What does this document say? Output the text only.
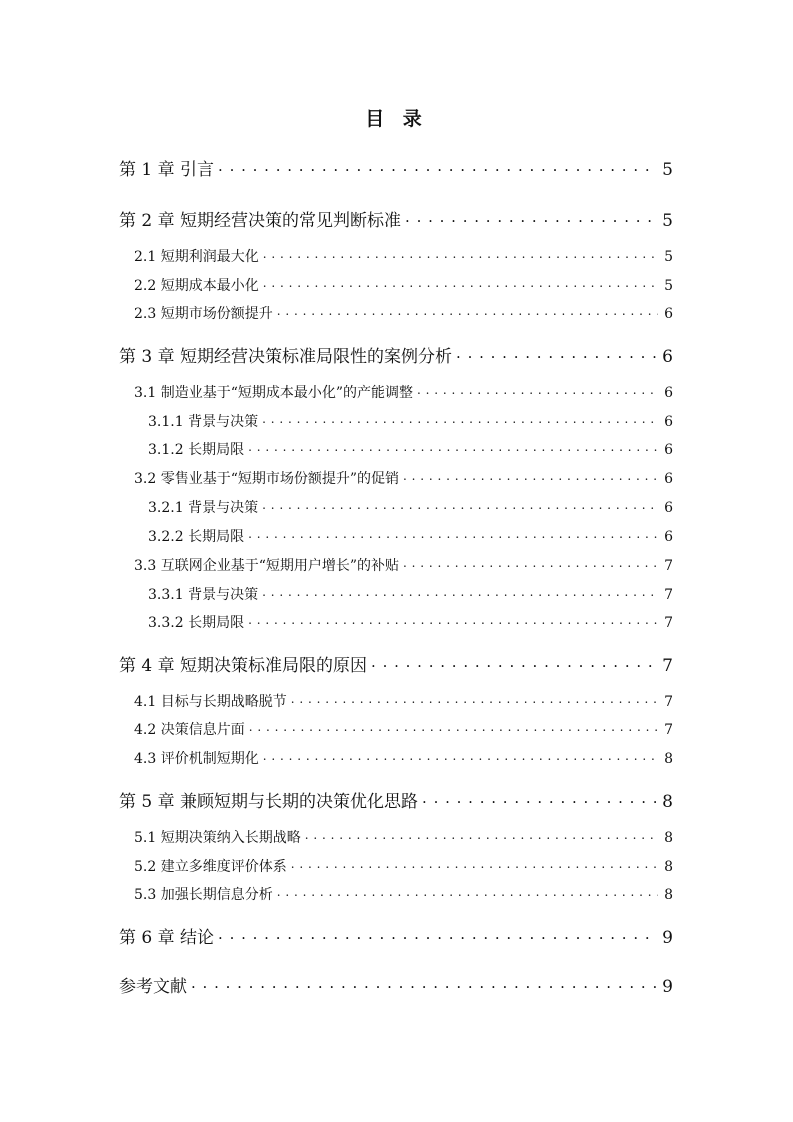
目 录
第 1 章 引言 . . .	5
第 2 章 短期经营决策的常见判断标准 . . .	5
2.1 短期利润最大化 . . .	5
2.2 短期成本最小化 . . .	5
2.3 短期市场份额提升 . . .	6
第 3 章 短期经营决策标准局限性的案例分析 . . .	6
3.1 制造业基于“短期成本最小化”的产能调整 . . .	6
3.1.1 背景与决策 . . .	6
3.1.2 长期局限 . . .	6
3.2 零售业基于“短期市场份额提升”的促销 . . .	6
3.2.1 背景与决策 . . .	6
3.2.2 长期局限 . . .	6
3.3 互联网企业基于“短期用户增长”的补贴 . . .	7
3.3.1 背景与决策 . . .	7
3.3.2 长期局限 . . .	7
第 4 章 短期决策标准局限的原因 . . .	7
4.1 目标与长期战略脱节 . . .	7
4.2 决策信息片面 . . .	7
4.3 评价机制短期化 . . .	8
第 5 章 兼顾短期与长期的决策优化思路 . . .	8
5.1 短期决策纳入长期战略 . . .	8
5.2 建立多维度评价体系 . . .	8
5.3 加强长期信息分析 . . .	8
第 6 章 结论 . . .	9
参考文献 . . .	9
